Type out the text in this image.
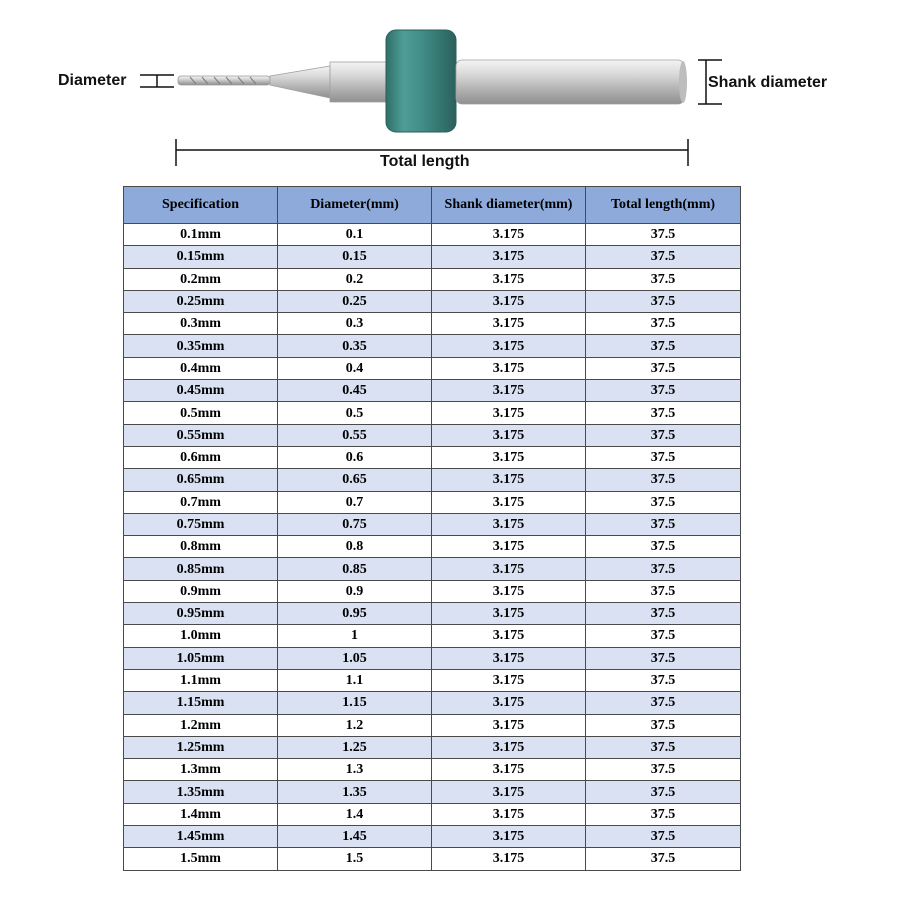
Diameter	Shank diameter
Total length
Specification	Diameter(mm)	Shank diameter(mm)	Total length(mm)
0.1mm	0.1	3.175	37.5
0.15mm	0.15	3.175	37.5
0.2mm	0.2	3.175	37.5
0.25mm	0.25	3.175	37.5
0.3mm	0.3	3.175	37.5
0.35mm	0.35	3.175	37.5
0.4mm	0.4	3.175	37.5
0.45mm	0.45	3.175	37.5
0.5mm	0.5	3.175	37.5
0.55mm	0.55	3.175	37.5
0.6mm	0.6	3.175	37.5
0.65mm	0.65	3.175	37.5
0.7mm	0.7	3.175	37.5
0.75mm	0.75	3.175	37.5
0.8mm	0.8	3.175	37.5
0.85mm	0.85	3.175	37.5
0.9mm	0.9	3.175	37.5
0.95mm	0.95	3.175	37.5
1.0mm	1	3.175	37.5
1.05mm	1.05	3.175	37.5
1.1mm	1.1	3.175	37.5
1.15mm	1.15	3.175	37.5
1.2mm	1.2	3.175	37.5
1.25mm	1.25	3.175	37.5
1.3mm	1.3	3.175	37.5
1.35mm	1.35	3.175	37.5
1.4mm	1.4	3.175	37.5
1.45mm	1.45	3.175	37.5
1.5mm	1.5	3.175	37.5
